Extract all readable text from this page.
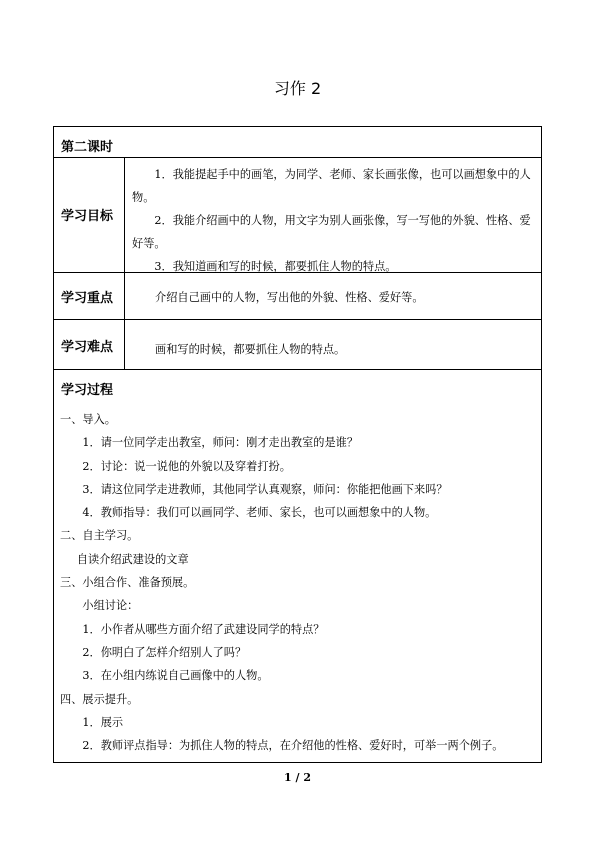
习作 2
第二课时
学习目标

1．我能提起手中的画笔，为同学、老师、家长画张像，也可以画想象中的人物。

2．我能介绍画中的人物，用文字为别人画张像，写一写他的外貌、性格、爱好等。

3．我知道画和写的时候，都要抓住人物的特点。

学习重点	介绍自己画中的人物，写出他的外貌、性格、爱好等。
学习难点	画和写的时候，都要抓住人物的特点。
学习过程

一、导入。

1．请一位同学走出教室，师问：刚才走出教室的是谁？

2．讨论：说一说他的外貌以及穿着打扮。

3．请这位同学走进教师，其他同学认真观察，师问：你能把他画下来吗？

4．教师指导：我们可以画同学、老师、家长，也可以画想象中的人物。

二、自主学习。

自读介绍武建设的文章

三、小组合作、准备预展。

小组讨论：

1．小作者从哪些方面介绍了武建设同学的特点？

2．你明白了怎样介绍别人了吗？

3．在小组内练说自己画像中的人物。

四、展示提升。

1．展示

2．教师评点指导：为抓住人物的特点，在介绍他的性格、爱好时，可举一两个例子。

1 / 2
